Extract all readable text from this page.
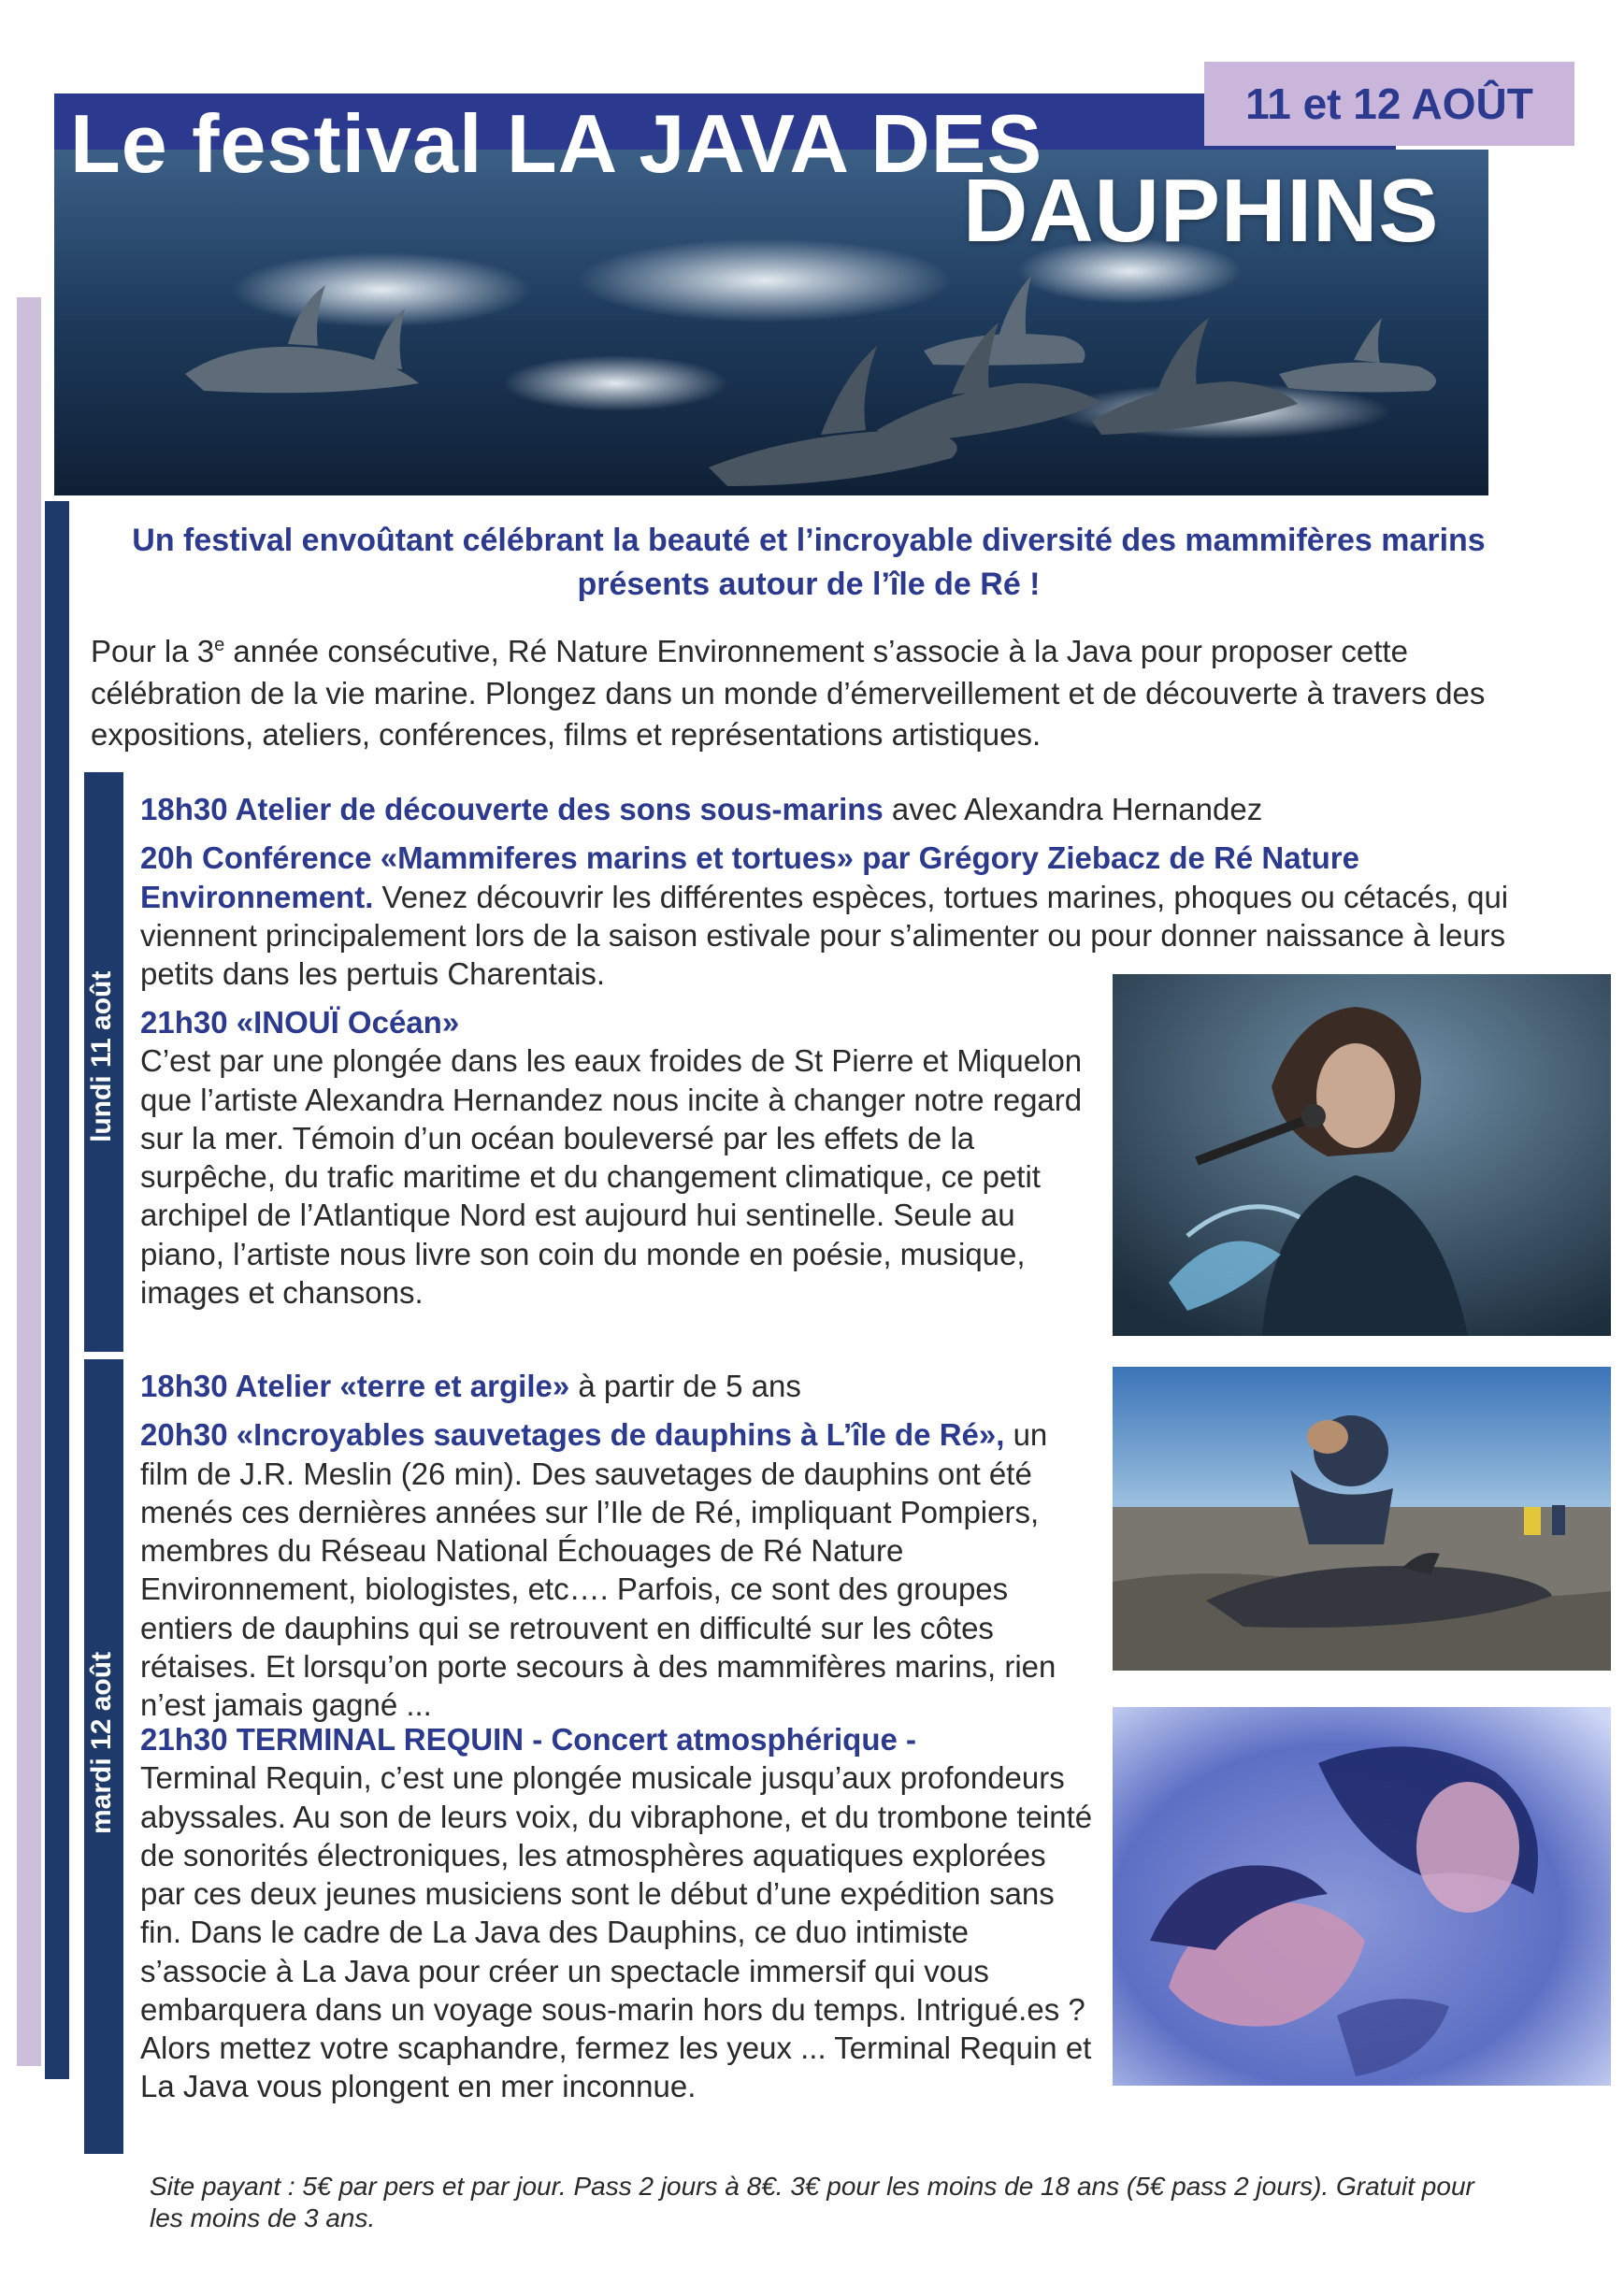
Le festival LA JAVA DES
DAUPHINS
11 et 12 AOÛT
Un festival envoûtant célébrant la beauté et l’incroyable diversité des mammifères marins présents autour de l’île de Ré !
Pour la 3e année consécutive, Ré Nature Environnement s’associe à la Java pour proposer cette célébration de la vie marine. Plongez dans un monde d’émerveillement et de découverte à travers des expositions, ateliers, conférences, films et représentations artistiques.
lundi 11 août
mardi 12 août

18h30 Atelier de découverte des sons sous-marins avec Alexandra Hernandez

20h Conférence «Mammiferes marins et tortues» par Grégory Ziebacz de Ré Nature Environnement. Venez découvrir les différentes espèces, tortues marines, phoques ou cétacés, qui viennent principalement lors de la saison estivale pour s’alimenter ou pour donner naissance à leurs petits dans les pertuis Charentais.

21h30 «INOUÏ Océan»
C’est par une plongée dans les eaux froides de St Pierre et Miquelon que l’artiste Alexandra Hernandez nous incite à changer notre regard sur la mer. Témoin d’un océan bouleversé par les effets de la surpêche, du trafic maritime et du changement climatique, ce petit archipel de l’Atlantique Nord est aujourd hui sentinelle. Seule au piano, l’artiste nous livre son coin du monde en poésie, musique, images et chansons.

18h30 Atelier «terre et argile» à partir de 5 ans

20h30 «Incroyables sauvetages de dauphins à L’île de Ré», un film de J.R. Meslin (26 min). Des sauvetages de dauphins ont été menés ces dernières années sur l’Ile de Ré, impliquant Pompiers, membres du Réseau National Échouages de Ré Nature Environnement, biologistes, etc…. Parfois, ce sont des groupes entiers de dauphins qui se retrouvent en difficulté sur les côtes rétaises. Et lorsqu’on porte secours à des mammifères marins, rien n’est jamais gagné ...

21h30 TERMINAL REQUIN - Concert atmosphérique -
Terminal Requin, c’est une plongée musicale jusqu’aux profondeurs abyssales. Au son de leurs voix, du vibraphone, et du trombone teinté de sonorités électroniques, les atmosphères aquatiques explorées par ces deux jeunes musiciens sont le début d’une expédition sans fin. Dans le cadre de La Java des Dauphins, ce duo intimiste s’associe à La Java pour créer un spectacle immersif qui vous embarquera dans un voyage sous-marin hors du temps. Intrigué.es ? Alors mettez votre scaphandre, fermez les yeux ... Terminal Requin et La Java vous plongent en mer inconnue.

Site payant : 5€ par pers et par jour. Pass 2 jours à 8€. 3€ pour les moins de 18 ans (5€ pass 2 jours). Gratuit pour les moins de 3 ans.
